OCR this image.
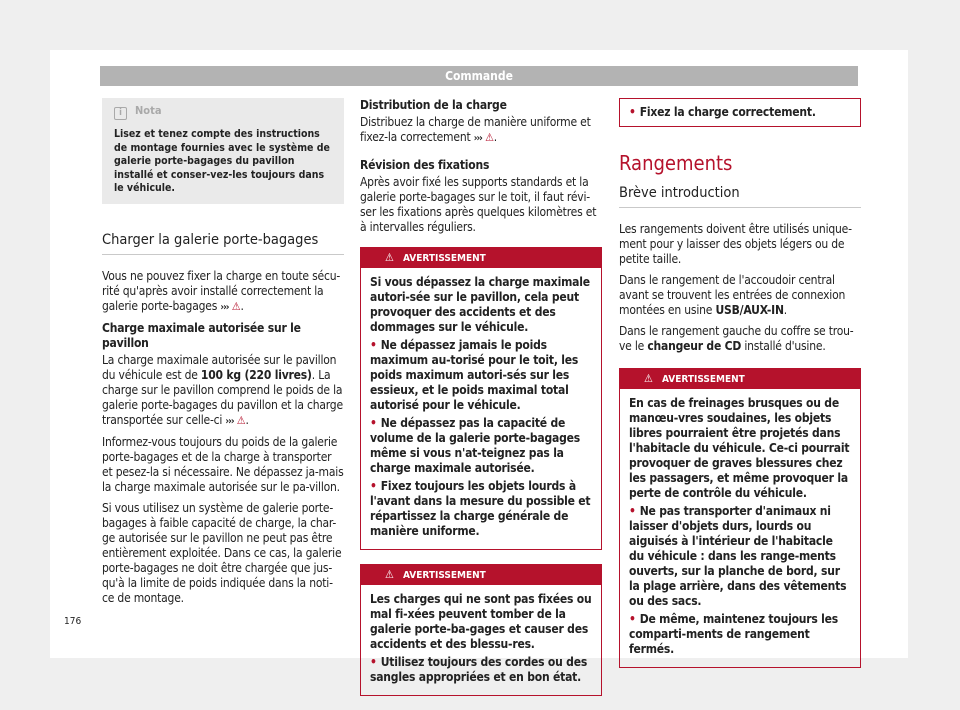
Commande
i Nota
Lisez et tenez compte des instructions de montage fournies avec le système de galerie porte-bagages du pavillon installé et conser-vez-les toujours dans le véhicule.
Charger la galerie porte-bagages

Vous ne pouvez fixer la charge en toute sécu-rité qu'après avoir installé correctement la galerie porte-bagages ››› ⚠.

Charge maximale autorisée sur le pavillon

La charge maximale autorisée sur le pavillon du véhicule est de 100 kg (220 livres). La charge sur le pavillon comprend le poids de la galerie porte-bagages du pavillon et la charge transportée sur celle-ci ››› ⚠.

Informez-vous toujours du poids de la galerie porte-bagages et de la charge à transporter et pesez-la si nécessaire. Ne dépassez ja-mais la charge maximale autorisée sur le pa-villon.

Si vous utilisez un système de galerie porte-bagages à faible capacité de charge, la char-ge autorisée sur le pavillon ne peut pas être entièrement exploitée. Dans ce cas, la galerie porte-bagages ne doit être chargée que jus-qu'à la limite de poids indiquée dans la noti-ce de montage.

Distribution de la charge

Distribuez la charge de manière uniforme et fixez-la correctement ››› ⚠.

Révision des fixations

Après avoir fixé les supports standards et la galerie porte-bagages sur le toit, il faut révi-ser les fixations après quelques kilomètres et à intervalles réguliers.

⚠ AVERTISSEMENT

Si vous dépassez la charge maximale autori-sée sur le pavillon, cela peut provoquer des accidents et des dommages sur le véhicule.

• Ne dépassez jamais le poids maximum au-torisé pour le toit, les poids maximum autori-sés sur les essieux, et le poids maximal total autorisé pour le véhicule.

• Ne dépassez pas la capacité de volume de la galerie porte-bagages même si vous n'at-teignez pas la charge maximale autorisée.

• Fixez toujours les objets lourds à l'avant dans la mesure du possible et répartissez la charge générale de manière uniforme.

⚠ AVERTISSEMENT

Les charges qui ne sont pas fixées ou mal fi-xées peuvent tomber de la galerie porte-ba-gages et causer des accidents et des blessu-res.

• Utilisez toujours des cordes ou des sangles appropriées et en bon état.

• Fixez la charge correctement.

Rangements
Brève introduction

Les rangements doivent être utilisés unique-ment pour y laisser des objets légers ou de petite taille.

Dans le rangement de l'accoudoir central avant se trouvent les entrées de connexion montées en usine USB/AUX-IN.

Dans le rangement gauche du coffre se trou-ve le changeur de CD installé d'usine.

⚠ AVERTISSEMENT

En cas de freinages brusques ou de manœu-vres soudaines, les objets libres pourraient être projetés dans l'habitacle du véhicule. Ce-ci pourrait provoquer de graves blessures chez les passagers, et même provoquer la perte de contrôle du véhicule.

• Ne pas transporter d'animaux ni laisser d'objets durs, lourds ou aiguisés à l'intérieur de l'habitacle du véhicule : dans les range-ments ouverts, sur la planche de bord, sur la plage arrière, dans des vêtements ou des sacs.

• De même, maintenez toujours les comparti-ments de rangement fermés.

176
